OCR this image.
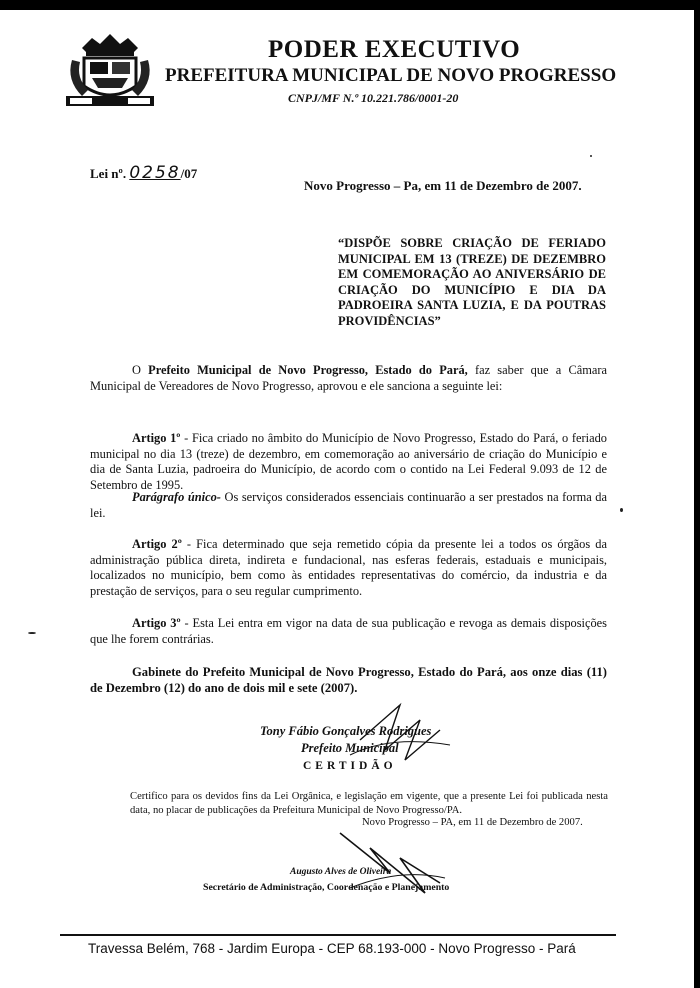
PODER EXECUTIVO
PREFEITURA MUNICIPAL DE NOVO PROGRESSO
CNPJ/MF N.º 10.221.786/0001-20
Lei nº. 0258/07
Novo Progresso – Pa, em 11 de Dezembro de 2007.
“DISPÕE SOBRE CRIAÇÃO DE FERIADO MUNICIPAL EM 13 (TREZE) DE DEZEMBRO EM COMEMORAÇÃO AO ANIVERSÁRIO DE CRIAÇÃO DO MUNICÍPIO E DIA DA PADROEIRA SANTA LUZIA, E DA POUTRAS PROVIDÊNCIAS”
O Prefeito Municipal de Novo Progresso, Estado do Pará, faz saber que a Câmara Municipal de Vereadores de Novo Progresso, aprovou e ele sanciona a seguinte lei:
Artigo 1º - Fica criado no âmbito do Município de Novo Progresso, Estado do Pará, o feriado municipal no dia 13 (treze) de dezembro, em comemoração ao aniversário de criação do Município e dia de Santa Luzia, padroeira do Município, de acordo com o contido na Lei Federal 9.093 de 12 de Setembro de 1995.
Parágrafo único- Os serviços considerados essenciais continuarão a ser prestados na forma da lei.
Artigo 2º - Fica determinado que seja remetido cópia da presente lei a todos os órgãos da administração pública direta, indireta e fundacional, nas esferas federais, estaduais e municipais, localizados no município, bem como às entidades representativas do comércio, da industria e da prestação de serviços, para o seu regular cumprimento.
Artigo 3º - Esta Lei entra em vigor na data de sua publicação e revoga as demais disposições que lhe forem contrárias.
Gabinete do Prefeito Municipal de Novo Progresso, Estado do Pará, aos onze dias (11) de Dezembro (12) do ano de dois mil e sete (2007).
Tony Fábio Gonçalves Rodrigues
Prefeito Municipal
CERTIDÃO
Certifico para os devidos fins da Lei Orgânica, e legislação em vigente, que a presente Lei foi publicada nesta data, no placar de publicações da Prefeitura Municipal de Novo Progresso/PA.
Novo Progresso – PA, em 11 de Dezembro de 2007.
Augusto Alves de Oliveira
Secretário de Administração, Coordenação e Planejamento
Travessa Belém, 768 - Jardim Europa - CEP 68.193-000 - Novo Progresso - Pará
